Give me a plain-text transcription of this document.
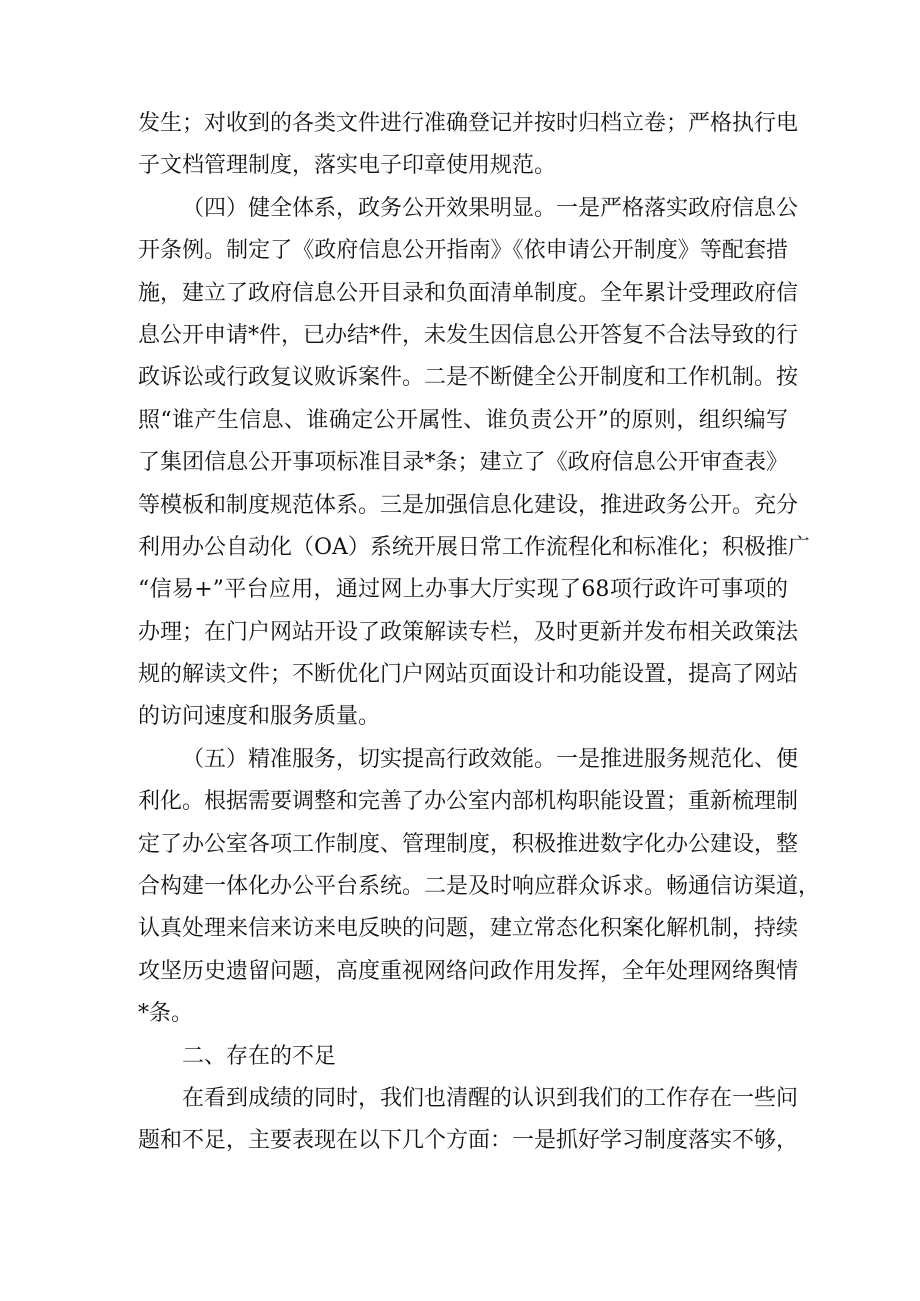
发生；对收到的各类文件进行准确登记并按时归档立卷；严格执行电
子文档管理制度，落实电子印章使用规范。
（四）健全体系，政务公开效果明显。一是严格落实政府信息公
开条例。制定了《政府信息公开指南》《依申请公开制度》等配套措
施，建立了政府信息公开目录和负面清单制度。全年累计受理政府信
息公开申请*件，已办结*件，未发生因信息公开答复不合法导致的行
政诉讼或行政复议败诉案件。二是不断健全公开制度和工作机制。按
照“谁产生信息、谁确定公开属性、谁负责公开”的原则，组织编写
了集团信息公开事项标准目录*条；建立了《政府信息公开审查表》
等模板和制度规范体系。三是加强信息化建设，推进政务公开。充分
利用办公自动化（OA）系统开展日常工作流程化和标准化；积极推广
“信易+”平台应用，通过网上办事大厅实现了68项行政许可事项的
办理；在门户网站开设了政策解读专栏，及时更新并发布相关政策法
规的解读文件；不断优化门户网站页面设计和功能设置，提高了网站
的访问速度和服务质量。
（五）精准服务，切实提高行政效能。一是推进服务规范化、便
利化。根据需要调整和完善了办公室内部机构职能设置；重新梳理制
定了办公室各项工作制度、管理制度，积极推进数字化办公建设，整
合构建一体化办公平台系统。二是及时响应群众诉求。畅通信访渠道，
认真处理来信来访来电反映的问题，建立常态化积案化解机制，持续
攻坚历史遗留问题，高度重视网络问政作用发挥，全年处理网络舆情
*条。
二、存在的不足
在看到成绩的同时，我们也清醒的认识到我们的工作存在一些问
题和不足，主要表现在以下几个方面：一是抓好学习制度落实不够，
